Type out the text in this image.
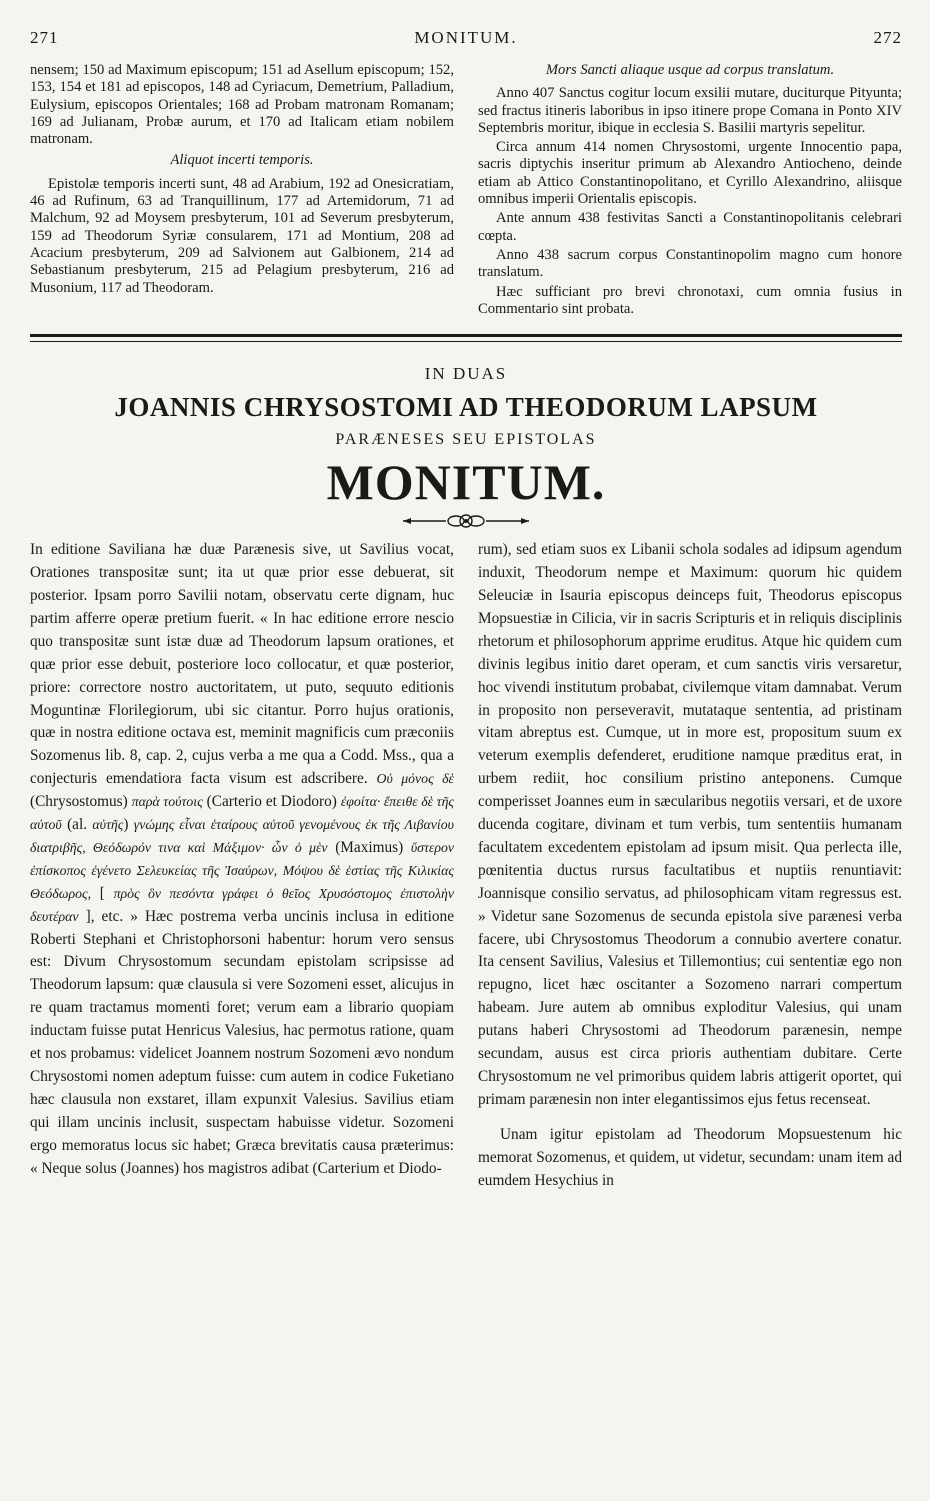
271	MONITUM.	272

nensem; 150 ad Maximum episcopum; 151 ad Asellum episcopum; 152, 153, 154 et 181 ad episcopos, 148 ad Cyriacum, Demetrium, Palladium, Eulysium, episcopos Orientales; 168 ad Probam matronam Romanam; 169 ad Julianam, Probæ aurum, et 170 ad Italicam etiam nobilem matronam.

Aliquot incerti temporis.

Epistolæ temporis incerti sunt, 48 ad Arabium, 192 ad Onesicratiam, 46 ad Rufinum, 63 ad Tranquillinum, 177 ad Artemidorum, 71 ad Malchum, 92 ad Moysem presbyterum, 101 ad Severum presbyterum, 159 ad Theodorum Syriæ consularem, 171 ad Montium, 208 ad Acacium presbyterum, 209 ad Salvionem aut Galbionem, 214 ad Sebastianum presbyterum, 215 ad Pelagium presbyterum, 216 ad Musonium, 117 ad Theodoram.

Mors Sancti aliaque usque ad corpus translatum.

Anno 407 Sanctus cogitur locum exsilii mutare, duciturque Pityunta; sed fractus itineris laboribus in ipso itinere prope Comana in Ponto XIV Septembris moritur, ibique in ecclesia S. Basilii martyris sepelitur.

Circa annum 414 nomen Chrysostomi, urgente Innocentio papa, sacris diptychis inseritur primum ab Alexandro Antiocheno, deinde etiam ab Attico Constantinopolitano, et Cyrillo Alexandrino, aliisque omnibus imperii Orientalis episcopis.

Ante annum 438 festivitas Sancti a Constantinopolitanis celebrari cœpta.

Anno 438 sacrum corpus Constantinopolim magno cum honore translatum.

Hæc sufficiant pro brevi chronotaxi, cum omnia fusius in Commentario sint probata.

IN DUAS
JOANNIS CHRYSOSTOMI AD THEODORUM LAPSUM
PARÆNESES SEU EPISTOLAS
MONITUM.

In editione Saviliana hæ duæ Parænesis sive, ut Savilius vocat, Orationes transpositæ sunt; ita ut quæ prior esse debuerat, sit posterior. Ipsam porro Savilii notam, observatu certe dignam, huc partim afferre operæ pretium fuerit. « In hac editione errore nescio quo transpositæ sunt istæ duæ ad Theodorum lapsum orationes, et quæ prior esse debuit, posteriore loco collocatur, et quæ posterior, priore: correctore nostro auctoritatem, ut puto, sequuto editionis Moguntinæ Florilegiorum, ubi sic citantur. Porro hujus orationis, quæ in nostra editione octava est, meminit magnificis cum præconiis Sozomenus lib. 8, cap. 2, cujus verba a me qua a Codd. Mss., qua a conjecturis emendatiora facta visum est adscribere. Οὐ μόνος δὲ (Chrysostomus) παρὰ τούτοις (Carterio et Diodoro) ἐφοίτα· ἔπειθε δὲ τῆς αὐτοῦ (al. αὐτῆς) γνώμης εἶναι ἑταίρους αὐτοῦ γενομένους ἐκ τῆς Λιβανίου διατριβῆς, Θεόδωρόν τινα καὶ Μάξιμον· ὧν ὁ μὲν (Maximus) ὕστερον ἐπίσκοπος ἐγένετο Σελευκείας τῆς Ἰσαύρων, Μόψου δὲ ἑστίας τῆς Κιλικίας Θεόδωρος, [ πρὸς ὃν πεσόντα γράφει ὁ θεῖος Χρυσόστομος ἐπιστολὴν δευτέραν ], etc. » Hæc postrema verba uncinis inclusa in editione Roberti Stephani et Christophorsoni habentur: horum vero sensus est: Divum Chrysostomum secundam epistolam scripsisse ad Theodorum lapsum: quæ clausula si vere Sozomeni esset, alicujus in re quam tractamus momenti foret; verum eam a librario quopiam inductam fuisse putat Henricus Valesius, hac permotus ratione, quam et nos probamus: videlicet Joannem nostrum Sozomeni ævo nondum Chrysostomi nomen adeptum fuisse: cum autem in codice Fuketiano hæc clausula non exstaret, illam expunxit Valesius. Savilius etiam qui illam uncinis inclusit, suspectam habuisse videtur. Sozomeni ergo memoratus locus sic habet; Græca brevitatis causa præterimus: « Neque solus (Joannes) hos magistros adibat (Carterium et Diodo-

rum), sed etiam suos ex Libanii schola sodales ad idipsum agendum induxit, Theodorum nempe et Maximum: quorum hic quidem Seleuciæ in Isauria episcopus deinceps fuit, Theodorus episcopus Mopsuestiæ in Cilicia, vir in sacris Scripturis et in reliquis disciplinis rhetorum et philosophorum apprime eruditus. Atque hic quidem cum divinis legibus initio daret operam, et cum sanctis viris versaretur, hoc vivendi institutum probabat, civilemque vitam damnabat. Verum in proposito non perseveravit, mutataque sententia, ad pristinam vitam abreptus est. Cumque, ut in more est, propositum suum ex veterum exemplis defenderet, eruditione namque præditus erat, in urbem rediit, hoc consilium pristino anteponens. Cumque comperisset Joannes eum in sæcularibus negotiis versari, et de uxore ducenda cogitare, divinam et tum verbis, tum sententiis humanam facultatem excedentem epistolam ad ipsum misit. Qua perlecta ille, pœnitentia ductus rursus facultatibus et nuptiis renuntiavit: Joannisque consilio servatus, ad philosophicam vitam regressus est. » Videtur sane Sozomenus de secunda epistola sive parænesi verba facere, ubi Chrysostomus Theodorum a connubio avertere conatur. Ita censent Savilius, Valesius et Tillemontius; cui sententiæ ego non repugno, licet hæc oscitanter a Sozomeno narrari compertum habeam. Jure autem ab omnibus exploditur Valesius, qui unam putans haberi Chrysostomi ad Theodorum parænesin, nempe secundam, ausus est circa prioris authentiam dubitare. Certe Chrysostomum ne vel primoribus quidem labris attigerit oportet, qui primam parænesin non inter elegantissimos ejus fetus recenseat.

Unam igitur epistolam ad Theodorum Mopsuestenum hic memorat Sozomenus, et quidem, ut videtur, secundam: unam item ad eumdem Hesychius in
